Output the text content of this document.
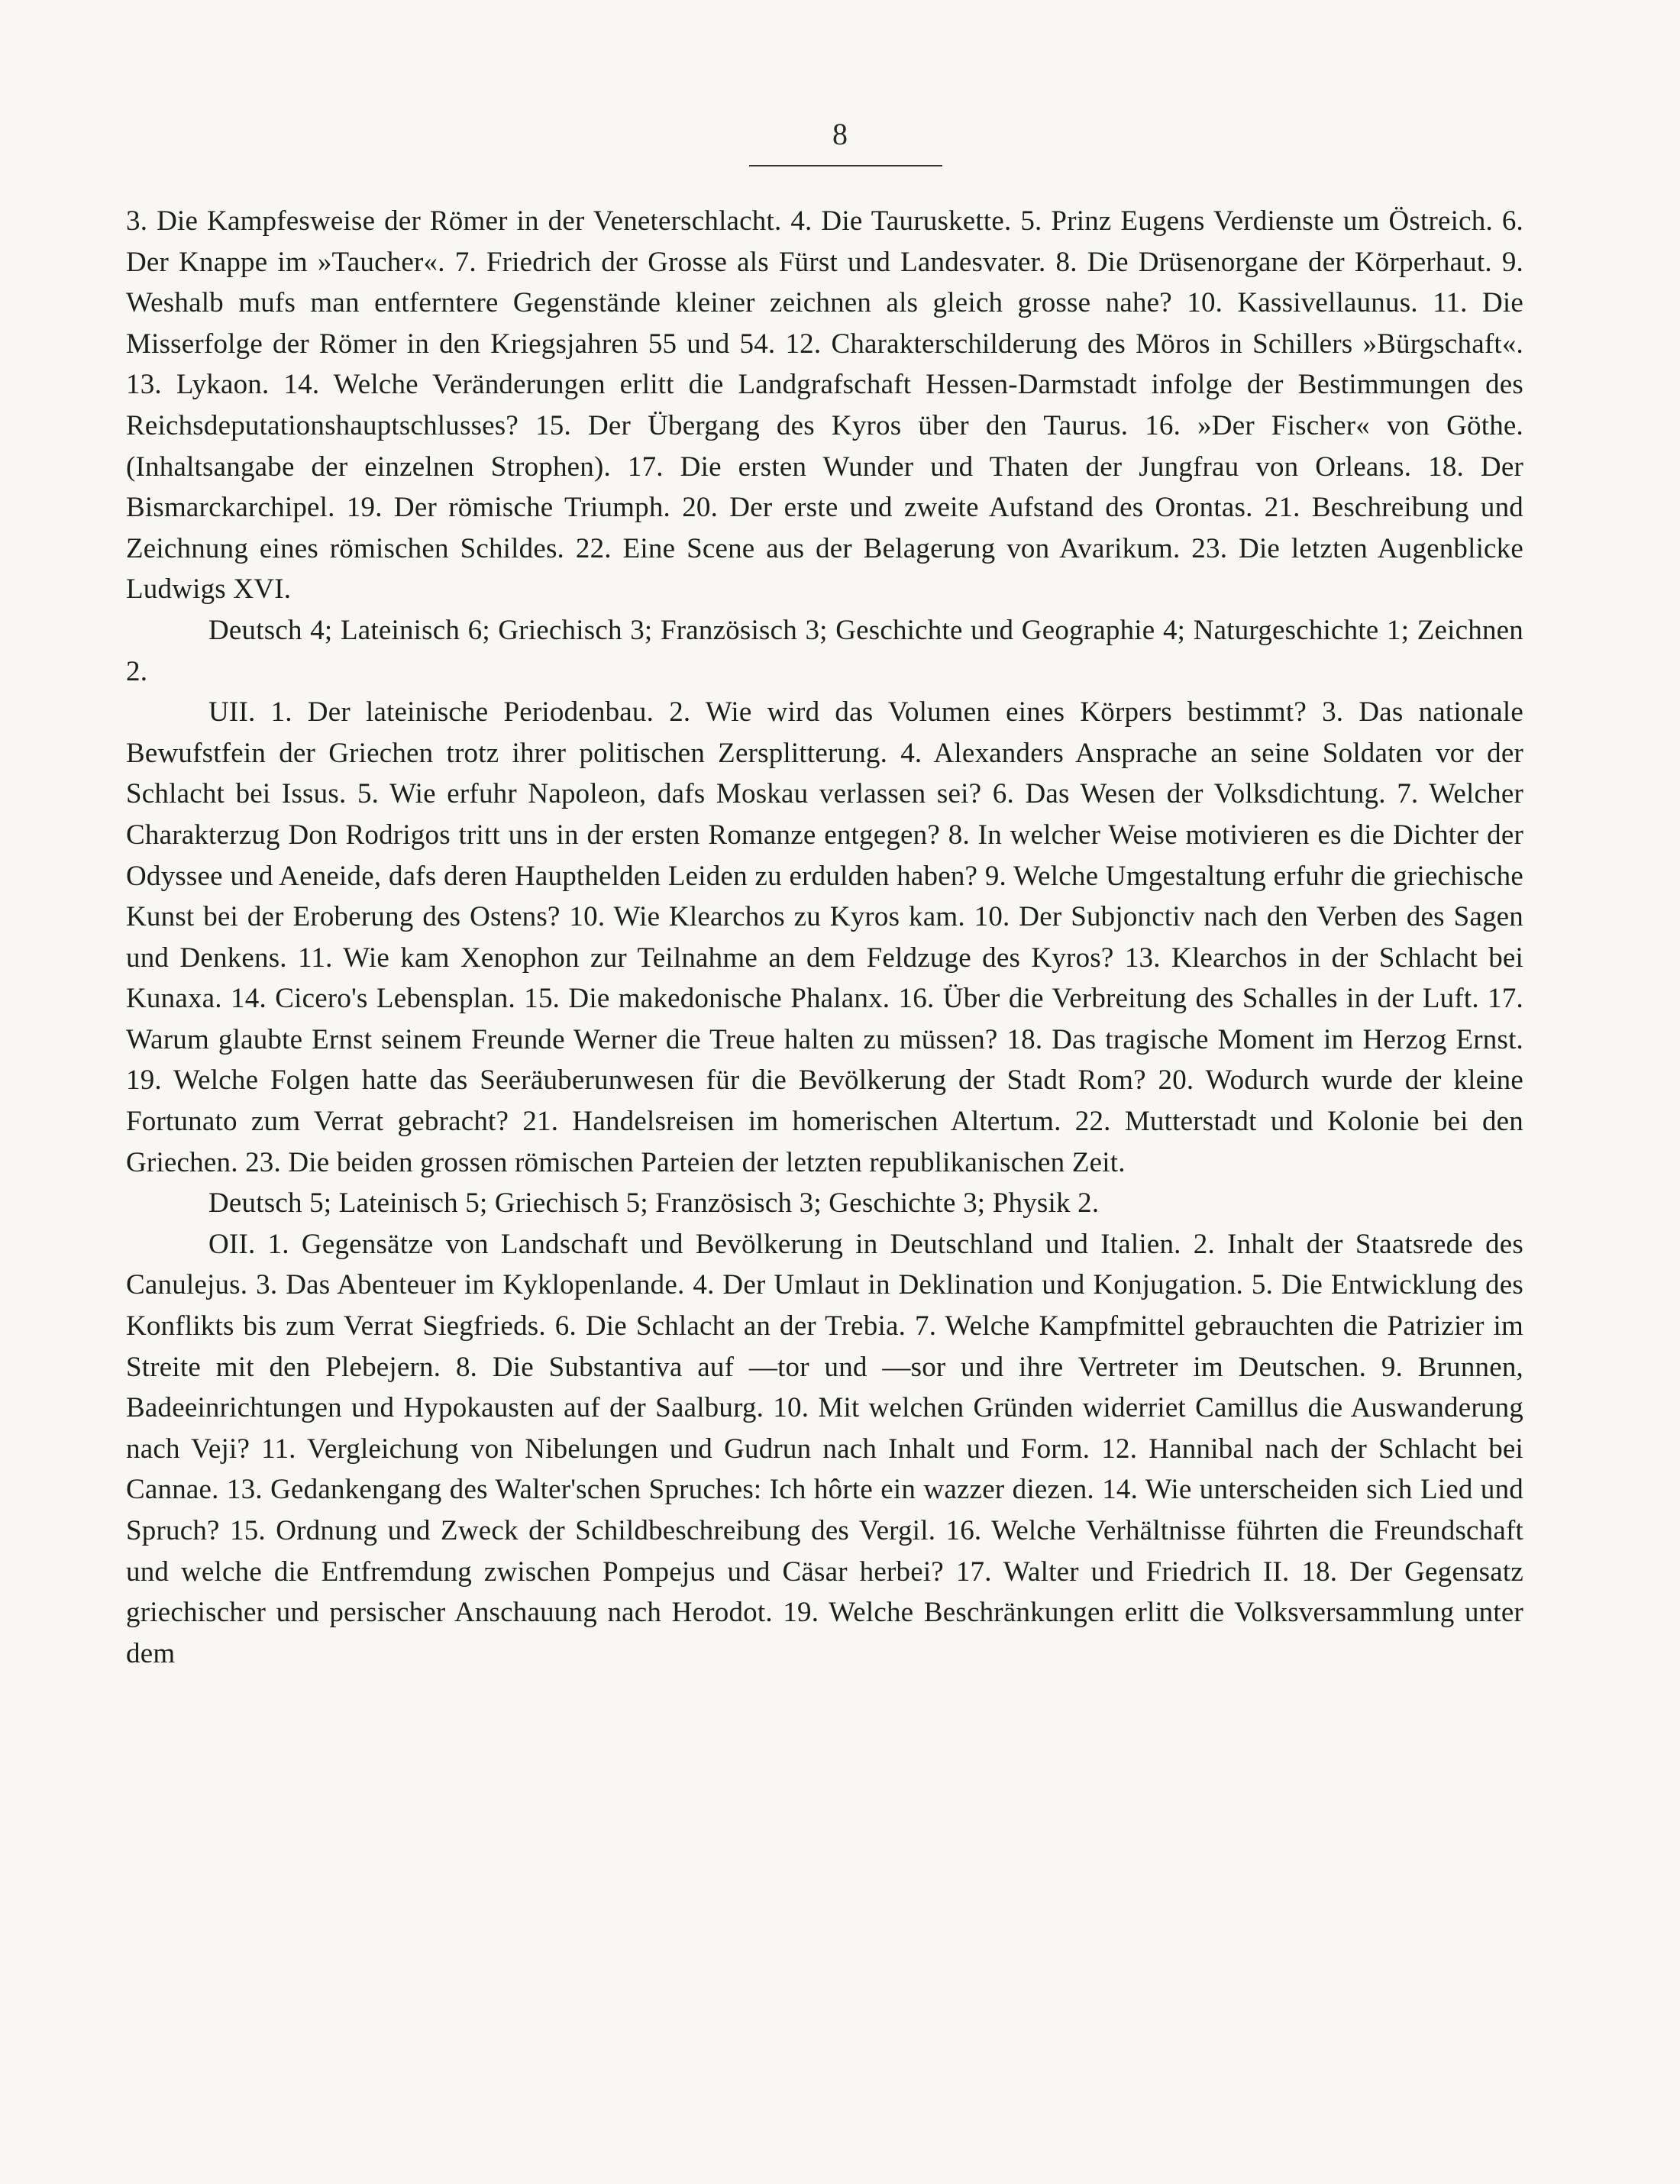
8

3. Die Kampfesweise der Römer in der Veneterschlacht. 4. Die Tauruskette. 5. Prinz Eugens Verdienste um Östreich. 6. Der Knappe im »Taucher«. 7. Friedrich der Grosse als Fürst und Landesvater. 8. Die Drüsenorgane der Körperhaut. 9. Weshalb mufs man entferntere Gegenstände kleiner zeichnen als gleich grosse nahe? 10. Kassivellaunus. 11. Die Misserfolge der Römer in den Kriegsjahren 55 und 54. 12. Charakterschilderung des Möros in Schillers »Bürgschaft«. 13. Lykaon. 14. Welche Veränderungen erlitt die Landgrafschaft Hessen-Darmstadt infolge der Bestimmungen des Reichsdeputationshauptschlusses? 15. Der Übergang des Kyros über den Taurus. 16. »Der Fischer« von Göthe. (Inhaltsangabe der einzelnen Strophen). 17. Die ersten Wunder und Thaten der Jungfrau von Orleans. 18. Der Bismarckarchipel. 19. Der römische Triumph. 20. Der erste und zweite Aufstand des Orontas. 21. Beschreibung und Zeichnung eines römischen Schildes. 22. Eine Scene aus der Belagerung von Avarikum. 23. Die letzten Augenblicke Ludwigs XVI.

Deutsch 4; Lateinisch 6; Griechisch 3; Französisch 3; Geschichte und Geographie 4; Naturgeschichte 1; Zeichnen 2.

UII. 1. Der lateinische Periodenbau. 2. Wie wird das Volumen eines Körpers bestimmt? 3. Das nationale Bewufstfein der Griechen trotz ihrer politischen Zersplitterung. 4. Alexanders Ansprache an seine Soldaten vor der Schlacht bei Issus. 5. Wie erfuhr Napoleon, dafs Moskau verlassen sei? 6. Das Wesen der Volksdichtung. 7. Welcher Charakterzug Don Rodrigos tritt uns in der ersten Romanze entgegen? 8. In welcher Weise motivieren es die Dichter der Odyssee und Aeneide, dafs deren Haupthelden Leiden zu erdulden haben? 9. Welche Umgestaltung erfuhr die griechische Kunst bei der Eroberung des Ostens? 10. Wie Klearchos zu Kyros kam. 10. Der Subjonctiv nach den Verben des Sagen und Denkens. 11. Wie kam Xenophon zur Teilnahme an dem Feldzuge des Kyros? 13. Klearchos in der Schlacht bei Kunaxa. 14. Cicero's Lebensplan. 15. Die makedonische Phalanx. 16. Über die Verbreitung des Schalles in der Luft. 17. Warum glaubte Ernst seinem Freunde Werner die Treue halten zu müssen? 18. Das tragische Moment im Herzog Ernst. 19. Welche Folgen hatte das Seeräuberunwesen für die Bevölkerung der Stadt Rom? 20. Wodurch wurde der kleine Fortunato zum Verrat gebracht? 21. Handelsreisen im homerischen Altertum. 22. Mutterstadt und Kolonie bei den Griechen. 23. Die beiden grossen römischen Parteien der letzten republikanischen Zeit.

Deutsch 5; Lateinisch 5; Griechisch 5; Französisch 3; Geschichte 3; Physik 2.

OII. 1. Gegensätze von Landschaft und Bevölkerung in Deutschland und Italien. 2. Inhalt der Staatsrede des Canulejus. 3. Das Abenteuer im Kyklopenlande. 4. Der Umlaut in Deklination und Konjugation. 5. Die Entwicklung des Konflikts bis zum Verrat Siegfrieds. 6. Die Schlacht an der Trebia. 7. Welche Kampfmittel gebrauchten die Patrizier im Streite mit den Plebejern. 8. Die Substantiva auf —tor und —sor und ihre Vertreter im Deutschen. 9. Brunnen, Badeeinrichtungen und Hypokausten auf der Saalburg. 10. Mit welchen Gründen widerriet Camillus die Auswanderung nach Veji? 11. Vergleichung von Nibelungen und Gudrun nach Inhalt und Form. 12. Hannibal nach der Schlacht bei Cannae. 13. Gedankengang des Walter'schen Spruches: Ich hôrte ein wazzer diezen. 14. Wie unterscheiden sich Lied und Spruch? 15. Ordnung und Zweck der Schildbeschreibung des Vergil. 16. Welche Verhältnisse führten die Freundschaft und welche die Entfremdung zwischen Pompejus und Cäsar herbei? 17. Walter und Friedrich II. 18. Der Gegensatz griechischer und persischer Anschauung nach Herodot. 19. Welche Beschränkungen erlitt die Volksversammlung unter dem
